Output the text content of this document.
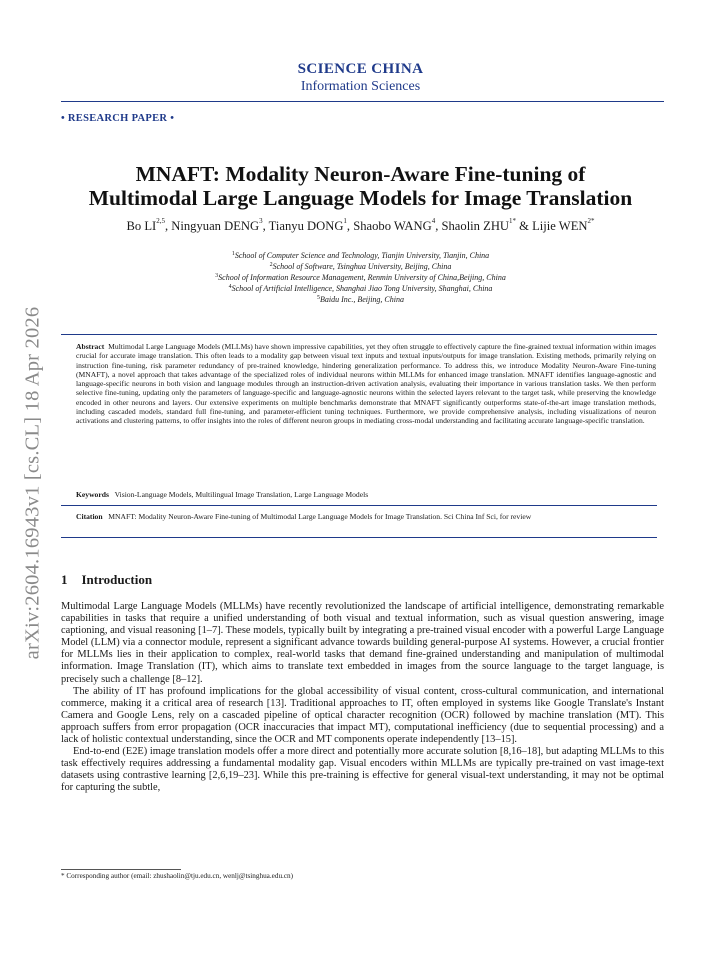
arXiv:2604.16943v1 [cs.CL] 18 Apr 2026
SCIENCE CHINA
Information Sciences
• RESEARCH PAPER •
MNAFT: Modality Neuron-Aware Fine-tuning of
Multimodal Large Language Models for Image Translation
Bo LI$^{2,5}$, Ningyuan DENG$^3$, Tianyu DONG$^1$, Shaobo WANG$^4$, Shaolin $ZHU^{1*}$ & Lijie $WEN^{2*}$
$^1$School of Computer Science and Technology, Tianjin University, Tianjin, China
$^2$School of Software, Tsinghua University, Beijing, China
$^3$School of Information Resource Management, Renmin University of China,Beijing, China
$^4$School of Artificial Intelligence, Shanghai Jiao Tong University, Shanghai, China
$^5$Baidu Inc., Beijing, China
Abstract Multimodal Large Language Models (MLLMs) have shown impressive capabilities, yet they often struggle to effectively capture the fine-grained textual information within images crucial for accurate image translation. This often leads to a modality gap between visual text inputs and textual inputs/outputs for image translation. Existing methods, primarily relying on instruction fine-tuning, risk parameter redundancy of pre-trained knowledge, hindering generalization performance. To address this, we introduce Modality Neuron-Aware Fine-tuning (MNAFT), a novel approach that takes advantage of the specialized roles of individual neurons within MLLMs for enhanced image translation. MNAFT identifies language-agnostic and language-specific neurons in both vision and language modules through an instruction-driven activation analysis, evaluating their importance in various translation tasks. We then perform selective fine-tuning, updating only the parameters of language-specific and language-agnostic neurons within the selected layers relevant to the target task, while preserving the knowledge encoded in other neurons and layers. Our extensive experiments on multiple benchmarks demonstrate that MNAFT significantly outperforms state-of-the-art image translation methods, including cascaded models, standard full fine-tuning, and parameter-efficient tuning techniques. Furthermore, we provide comprehensive analysis, including visualizations of neuron activations and clustering patterns, to offer insights into the roles of different neuron groups in mediating cross-modal understanding and facilitating accurate language-specific translation.
Keywords Vision-Language Models, Multilingual Image Translation, Large Language Models
Citation MNAFT: Modality Neuron-Aware Fine-tuning of Multimodal Large Language Models for Image Translation. Sci China Inf Sci, for review
1 Introduction

Multimodal Large Language Models (MLLMs) have recently revolutionized the landscape of artificial intelligence, demonstrating remarkable capabilities in tasks that require a unified understanding of both visual and textual information, such as visual question answering, image captioning, and visual reasoning [1–7]. These models, typically built by integrating a pre-trained visual encoder with a powerful Large Language Model (LLM) via a connector module, represent a significant advance towards building general-purpose AI systems. However, a crucial frontier for MLLMs lies in their application to complex, real-world tasks that demand fine-grained understanding and manipulation of multimodal information. Image Translation (IT), which aims to translate text embedded in images from the source language to the target language, is precisely such a challenge [8–12].

The ability of IT has profound implications for the global accessibility of visual content, cross-cultural communication, and international commerce, making it a critical area of research [13]. Traditional approaches to IT, often employed in systems like Google Translate's Instant Camera and Google Lens, rely on a cascaded pipeline of optical character recognition (OCR) followed by machine translation (MT). This approach suffers from error propagation (OCR inaccuracies that impact MT), computational inefficiency (due to sequential processing) and a lack of holistic contextual understanding, since the OCR and MT components operate independently [13–15].

End-to-end (E2E) image translation models offer a more direct and potentially more accurate solution [8,16–18], but adapting MLLMs to this task effectively requires addressing a fundamental modality gap. Visual encoders within MLLMs are typically pre-trained on vast image-text datasets using contrastive learning [2,6,19–23]. While this pre-training is effective for general visual-text understanding, it may not be optimal for capturing the subtle,

* Corresponding author (email: zhushaolin@tju.edu.cn, wenlj@tsinghua.edu.cn)
